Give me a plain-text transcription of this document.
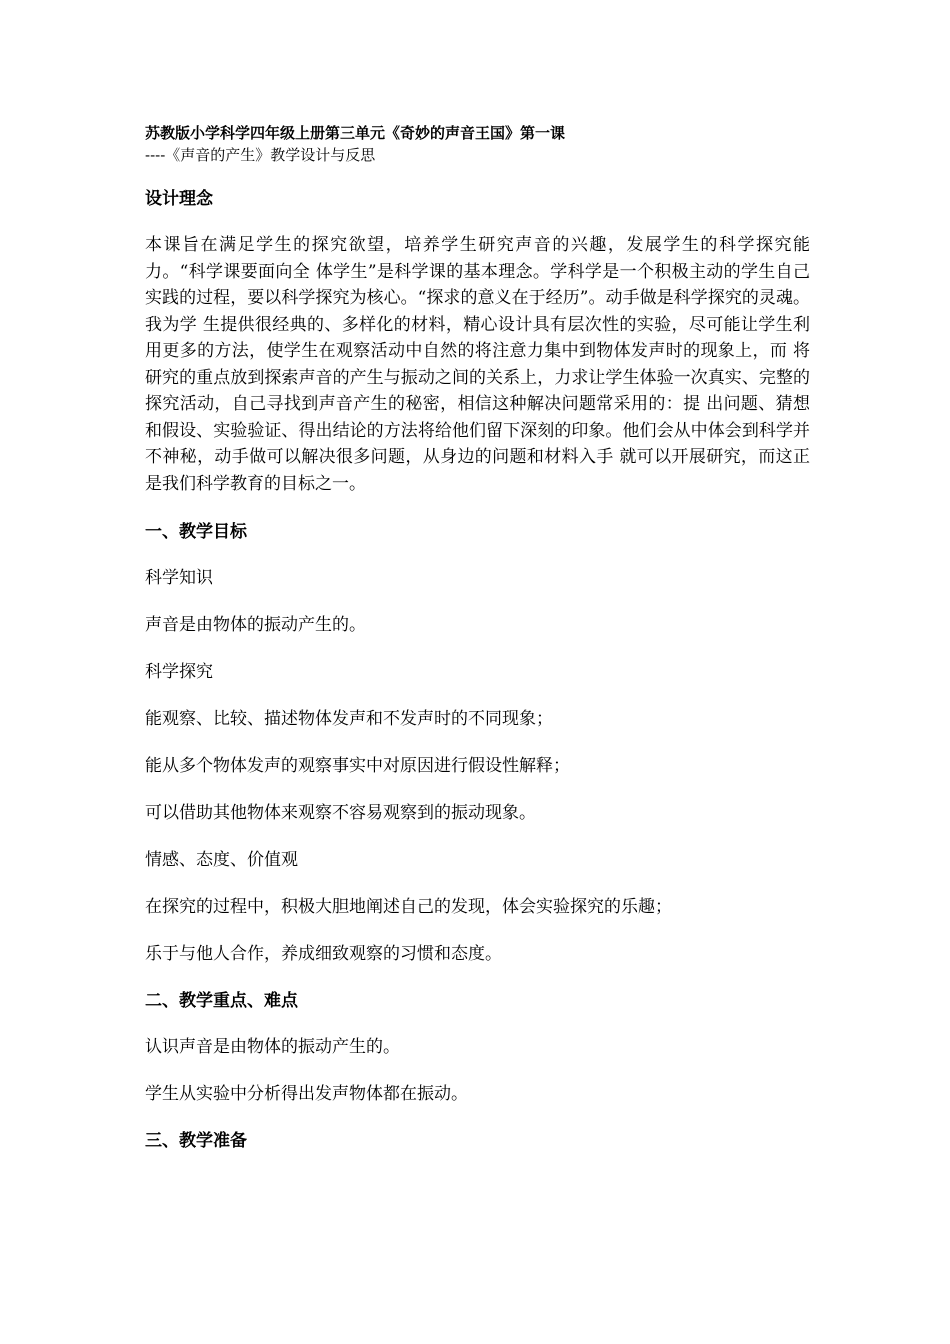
苏教版小学科学四年级上册第三单元《奇妙的声音王国》第一课

----《声音的产生》教学设计与反思

设计理念

本课旨在满足学生的探究欲望，培养学生研究声音的兴趣，发展学生的科学探究能力。“科学课要面向全 体学生”是科学课的基本理念。学科学是一个积极主动的学生自己实践的过程，要以科学探究为核心。“探求的意义在于经历”。动手做是科学探究的灵魂。我为学 生提供很经典的、多样化的材料，精心设计具有层次性的实验，尽可能让学生利用更多的方法，使学生在观察活动中自然的将注意力集中到物体发声时的现象上，而 将研究的重点放到探索声音的产生与振动之间的关系上，力求让学生体验一次真实、完整的探究活动，自己寻找到声音产生的秘密，相信这种解决问题常采用的：提 出问题、猜想和假设、实验验证、得出结论的方法将给他们留下深刻的印象。他们会从中体会到科学并不神秘，动手做可以解决很多问题，从身边的问题和材料入手 就可以开展研究，而这正是我们科学教育的目标之一。

一、教学目标

科学知识

声音是由物体的振动产生的。

科学探究

能观察、比较、描述物体发声和不发声时的不同现象；

能从多个物体发声的观察事实中对原因进行假设性解释；

可以借助其他物体来观察不容易观察到的振动现象。

情感、态度、价值观

在探究的过程中，积极大胆地阐述自己的发现，体会实验探究的乐趣；

乐于与他人合作，养成细致观察的习惯和态度。

二、教学重点、难点

认识声音是由物体的振动产生的。

学生从实验中分析得出发声物体都在振动。

三、教学准备
